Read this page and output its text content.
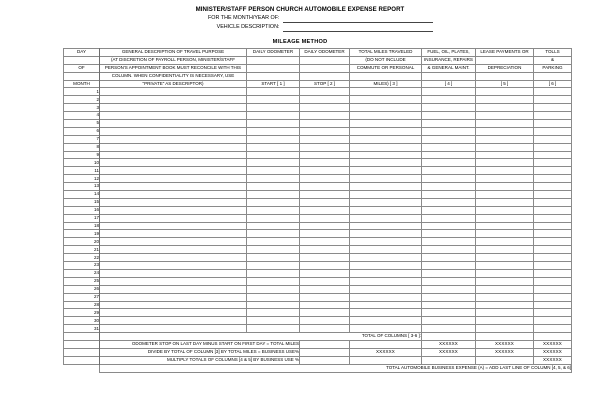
MINISTER/STAFF PERSON CHURCH AUTOMOBILE EXPENSE REPORT
FOR THE MONTH/YEAR OF:
VEHICLE DESCRIPTION:
MILEAGE METHOD
DAY	GENERAL DESCRIPTION OF TRAVEL PURPOSE	DAILY ODOMETER	DAILY ODOMETER	TOTAL MILES TRAVELED	FUEL, OIL, PLATES,	LEASE PAYMENTS OR	TOLLS
	(AT DISCRETION OF PAYROLL PERSON, MINISTER/STAFF			(DO NOT INCLUDE	INSURANCE, REPAIRS		&
OF	PERSON'S APPOINTMENT BOOK MUST RECONCILE WITH THIS			COMMUTE OR PERSONAL	& GENERAL MAINT.	DEPRECIATION	PARKING
	COLUMN. WHEN CONFIDENTIALITY IS NECESSARY, USE						
MONTH	"PRIVATE" AS DESCRIPTOR)	START [ 1 ]	STOP [ 2 ]	MILES) [ 3 ]	[ 4 ]	[ 5 ]	[ 6 ]
1							
2							
3							
4							
5							
6							
7							
8							
9							
10							
11							
12							
13							
14							
15							
16							
17							
18							
19							
20							
21							
22							
23							
24							
25							
26							
27							
28							
29							
30							
31							
	TOTAL OF COLUMNS [ 3-6 ]:						
	ODOMETER STOP ON LAST DAY MINUS START ON FIRST DAY = TOTAL MILES				XXXXXX	XXXXXX	XXXXXX
	DIVIDE BY TOTAL OF COLUMN [3] BY TOTAL MILES = BUSINESS USE%			XXXXXX	XXXXXX	XXXXXX	XXXXXX
	MULTIPLY TOTALS OF COLUMNS [4 & 5] BY BUSINESS USE %						XXXXXX
	TOTAL AUTOMOBILE BUSINESS EXPENSE (A) = ADD LAST LINE OF COLUMN [4, 5, & 6]						
